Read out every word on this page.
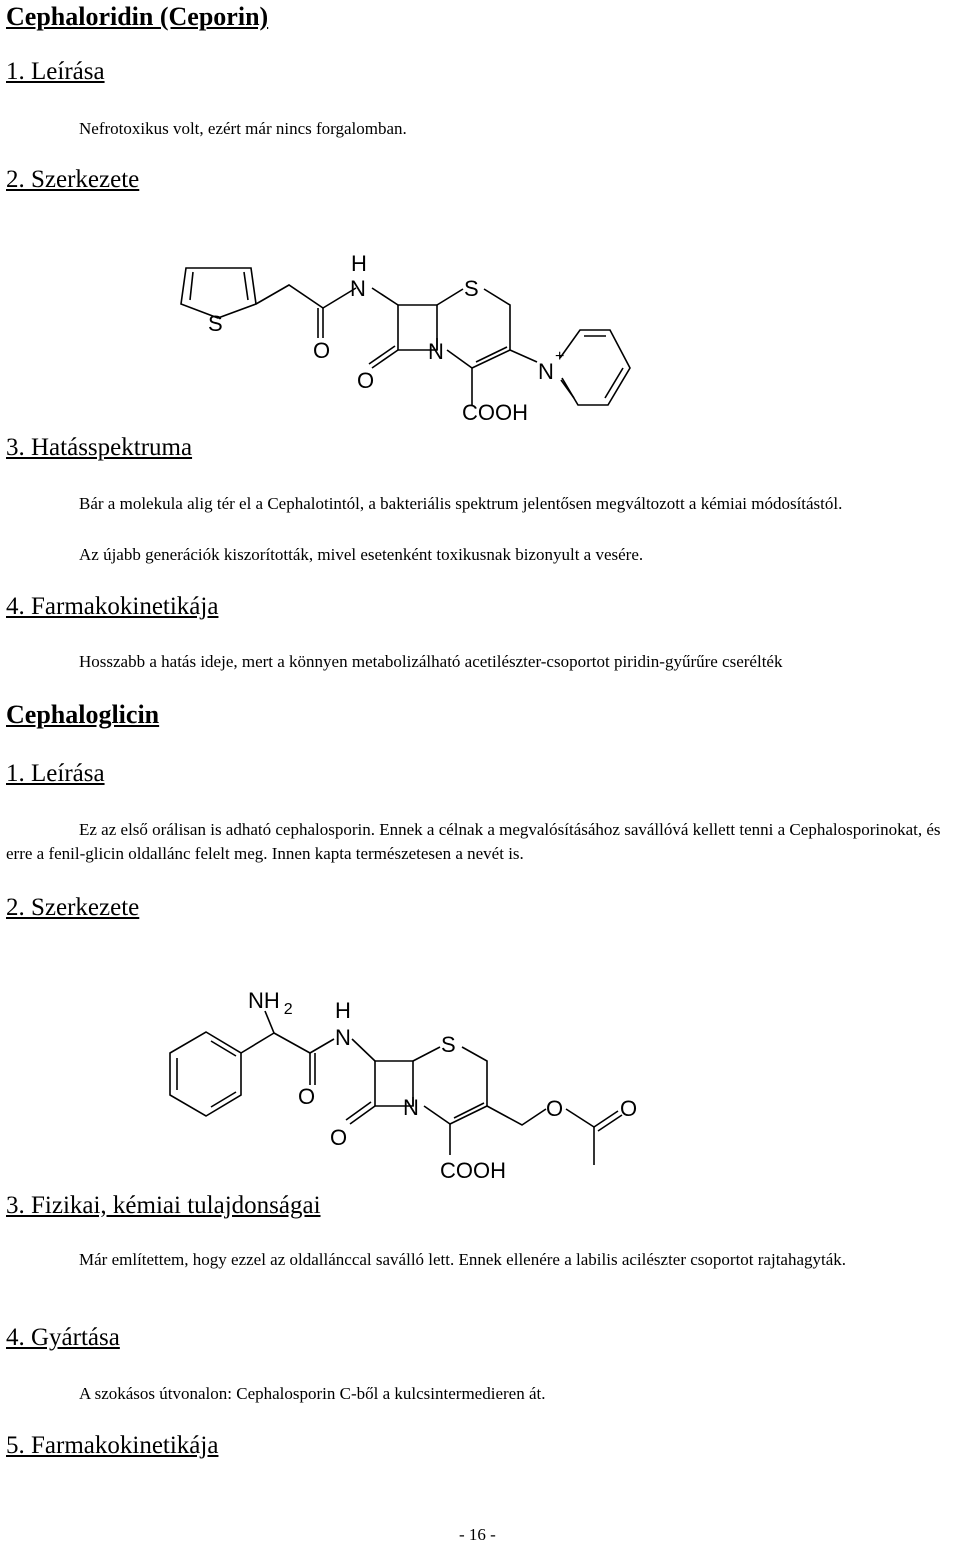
Cephaloridin (Ceporin)
1. Leírása
Nefrotoxikus volt, ezért már nincs forgalomban.
2. Szerkezete
S
O
H
N	S
O
N
N
+
COOH
3. Hatásspektruma
Bár a molekula alig tér el a Cephalotintól, a bakteriális spektrum jelentősen megváltozott a kémiai módosítástól.
Az újabb generációk kiszorították, mivel esetenként toxikusnak bizonyult a vesére.
4. Farmakokinetikája
Hosszabb a hatás ideje, mert a könnyen metabolizálható acetilészter-csoportot piridin-gyűrűre cserélték
Cephaloglicin
1. Leírása
Ez az első orálisan is adható cephalosporin. Ennek a célnak a megvalósításához savállóvá kellett tenni a Cephalosporinokat, és erre a fenil-glicin oldallánc felelt meg. Innen kapta természetesen a nevét is.
2. Szerkezete
NH $_2$ H
N
O
S
O
N
COOH
O	O
3. Fizikai, kémiai tulajdonságai
Már említettem, hogy ezzel az oldallánccal saválló lett. Ennek ellenére a labilis acilészter csoportot rajtahagyták.
4. Gyártása
A szokásos útvonalon: Cephalosporin C-ből a kulcsintermedieren át.
5. Farmakokinetikája
- 16 -
